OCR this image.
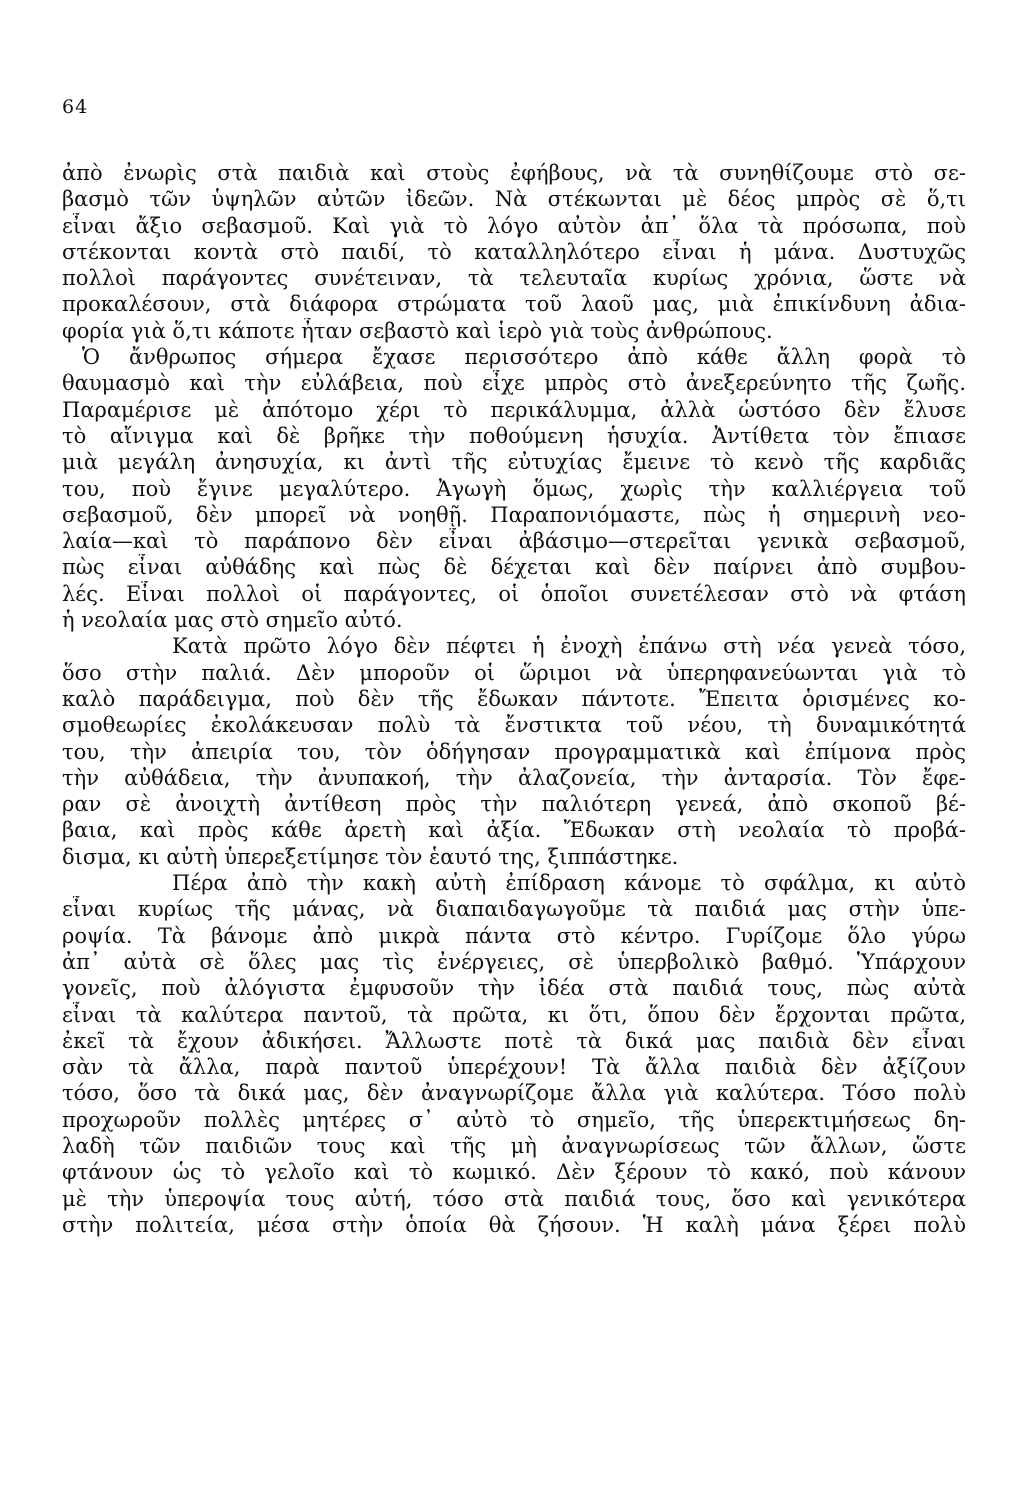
64
ἀπὸ ἐνωρὶς στὰ παιδιὰ καὶ στοὺς ἐφήβους, νὰ τὰ συνηθίζουμε στὸ σε-
βασμὸ τῶν ὑψηλῶν αὐτῶν ἰδεῶν. Νὰ στέκωνται μὲ δέος μπρὸς σὲ ὅ,τι
εἶναι ἄξιο σεβασμοῦ. Καὶ γιὰ τὸ λόγο αὐτὸν ἀπ᾽ ὅλα τὰ πρόσωπα, ποὺ
στέκονται κοντὰ στὸ παιδί, τὸ καταλληλότερο εἶναι ἡ μάνα. Δυστυχῶς
πολλοὶ παράγοντες συνέτειναν, τὰ τελευταῖα κυρίως χρόνια, ὥστε νὰ
προκαλέσουν, στὰ διάφορα στρώματα τοῦ λαοῦ μας, μιὰ ἐπικίνδυνη ἀδια-
φορία γιὰ ὅ,τι κάποτε ἦταν σεβαστὸ καὶ ἱερὸ γιὰ τοὺς ἀνθρώπους.
Ὁ ἄνθρωπος σήμερα ἔχασε περισσότερο ἀπὸ κάθε ἄλλη φορὰ τὸ
θαυμασμὸ καὶ τὴν εὐλάβεια, ποὺ εἶχε μπρὸς στὸ ἀνεξερεύνητο τῆς ζωῆς.
Παραμέρισε μὲ ἀπότομο χέρι τὸ περικάλυμμα, ἀλλὰ ὡστόσο δὲν ἔλυσε
τὸ αἴνιγμα καὶ δὲ βρῆκε τὴν ποθούμενη ἡσυχία. Ἀντίθετα τὸν ἔπιασε
μιὰ μεγάλη ἀνησυχία, κι ἀντὶ τῆς εὐτυχίας ἔμεινε τὸ κενὸ τῆς καρδιᾶς
του, ποὺ ἔγινε μεγαλύτερο. Ἀγωγὴ ὅμως, χωρὶς τὴν καλλιέργεια τοῦ
σεβασμοῦ, δὲν μπορεῖ νὰ νοηθῇ. Παραπονιόμαστε, πὼς ἡ σημερινὴ νεο-
λαία—καὶ τὸ παράπονο δὲν εἶναι ἀβάσιμο—στερεῖται γενικὰ σεβασμοῦ,
πὼς εἶναι αὐθάδης καὶ πὼς δὲ δέχεται καὶ δὲν παίρνει ἀπὸ συμβου-
λές. Εἶναι πολλοὶ οἱ παράγοντες, οἱ ὁποῖοι συνετέλεσαν στὸ νὰ φτάση
ἡ νεολαία μας στὸ σημεῖο αὐτό.
Κατὰ πρῶτο λόγο δὲν πέφτει ἡ ἐνοχὴ ἐπάνω στὴ νέα γενεὰ τόσο,
ὅσο στὴν παλιά. Δὲν μποροῦν οἱ ὥριμοι νὰ ὑπερηφανεύωνται γιὰ τὸ
καλὸ παράδειγμα, ποὺ δὲν τῆς ἔδωκαν πάντοτε. Ἔπειτα ὁρισμένες κο-
σμοθεωρίες ἐκολάκευσαν πολὺ τὰ ἔνστικτα τοῦ νέου, τὴ δυναμικότητά
του, τὴν ἀπειρία του, τὸν ὁδήγησαν προγραμματικὰ καὶ ἐπίμονα πρὸς
τὴν αὐθάδεια, τὴν ἀνυπακοή, τὴν ἀλαζονεία, τὴν ἀνταρσία. Τὸν ἔφε-
ραν σὲ ἀνοιχτὴ ἀντίθεση πρὸς τὴν παλιότερη γενεά, ἀπὸ σκοποῦ βέ-
βαια, καὶ πρὸς κάθε ἀρετὴ καὶ ἀξία. Ἔδωκαν στὴ νεολαία τὸ προβά-
δισμα, κι αὐτὴ ὑπερεξετίμησε τὸν ἑαυτό της, ξιππάστηκε.
Πέρα ἀπὸ τὴν κακὴ αὐτὴ ἐπίδραση κάνομε τὸ σφάλμα, κι αὐτὸ
εἶναι κυρίως τῆς μάνας, νὰ διαπαιδαγωγοῦμε τὰ παιδιά μας στὴν ὑπε-
ροψία. Τὰ βάνομε ἀπὸ μικρὰ πάντα στὸ κέντρο. Γυρίζομε ὅλο γύρω
ἀπ᾽ αὐτὰ σὲ ὅλες μας τὶς ἐνέργειες, σὲ ὑπερβολικὸ βαθμό. Ὑπάρχουν
γονεῖς, ποὺ ἀλόγιστα ἐμφυσοῦν τὴν ἰδέα στὰ παιδιά τους, πὼς αὐτὰ
εἶναι τὰ καλύτερα παντοῦ, τὰ πρῶτα, κι ὅτι, ὅπου δὲν ἔρχονται πρῶτα,
ἐκεῖ τὰ ἔχουν ἀδικήσει. Ἄλλωστε ποτὲ τὰ δικά μας παιδιὰ δὲν εἶναι
σὰν τὰ ἄλλα, παρὰ παντοῦ ὑπερέχουν! Τὰ ἄλλα παιδιὰ δὲν ἀξίζουν
τόσο, ὅσο τὰ δικά μας, δὲν ἀναγνωρίζομε ἄλλα γιὰ καλύτερα. Τόσο πολὺ
προχωροῦν πολλὲς μητέρες σ᾽ αὐτὸ τὸ σημεῖο, τῆς ὑπερεκτιμήσεως δη-
λαδὴ τῶν παιδιῶν τους καὶ τῆς μὴ ἀναγνωρίσεως τῶν ἄλλων, ὥστε
φτάνουν ὡς τὸ γελοῖο καὶ τὸ κωμικό. Δὲν ξέρουν τὸ κακό, ποὺ κάνουν
μὲ τὴν ὑπεροψία τους αὐτή, τόσο στὰ παιδιά τους, ὅσο καὶ γενικότερα
στὴν πολιτεία, μέσα στὴν ὁποία θὰ ζήσουν. Ἡ καλὴ μάνα ξέρει πολὺ
